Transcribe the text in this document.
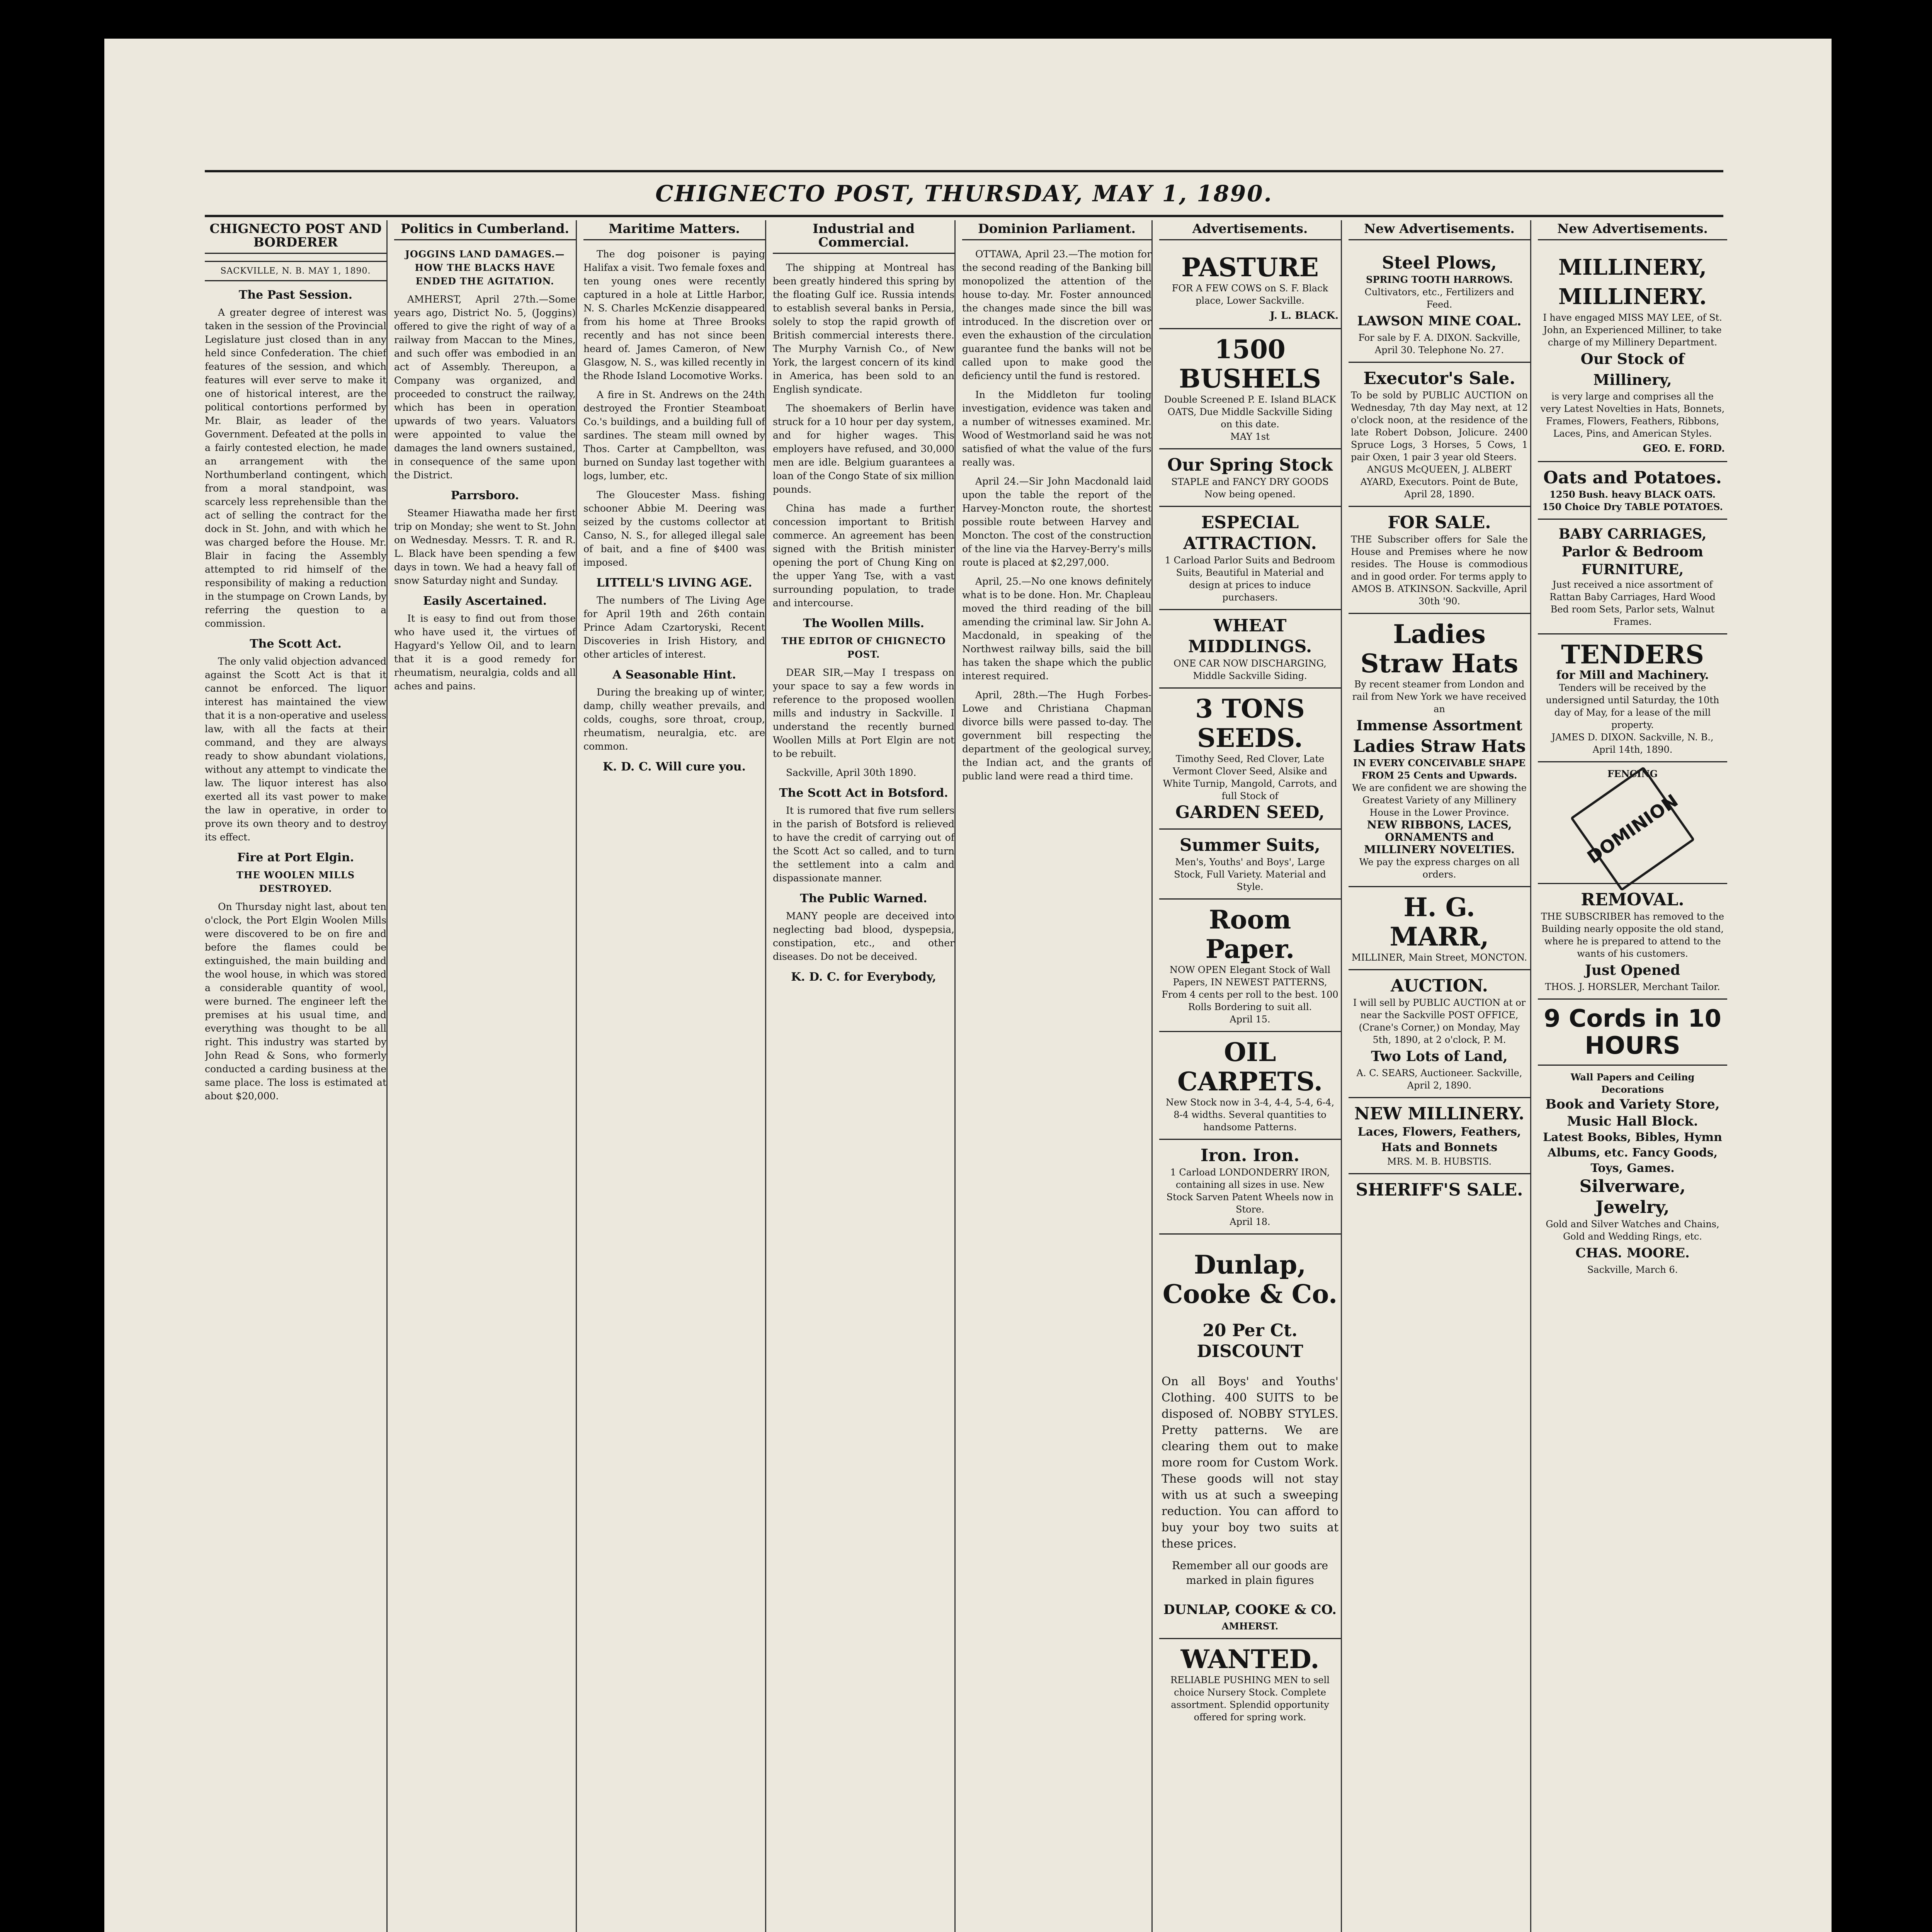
CHIGNECTO POST, THURSDAY, MAY 1, 1890.
CHIGNECTO POST AND BORDERER
SACKVILLE, N. B. MAY 1, 1890.
The Past Session.

A greater degree of interest was taken in the session of the Provincial Legislature just closed than in any held since Confederation. The chief features of the session, and which features will ever serve to make it one of historical interest, are the political contortions performed by Mr. Blair, as leader of the Government. Defeated at the polls in a fairly contested election, he made an arrangement with the Northumberland contingent, which from a moral standpoint, was scarcely less reprehensible than the act of selling the contract for the dock in St. John, and with which he was charged before the House. Mr. Blair in facing the Assembly attempted to rid himself of the responsibility of making a reduction in the stumpage on Crown Lands, by referring the question to a commission.

The Scott Act.

The only valid objection advanced against the Scott Act is that it cannot be enforced. The liquor interest has maintained the view that it is a non-operative and useless law, with all the facts at their command, and they are always ready to show abundant violations, without any attempt to vindicate the law. The liquor interest has also exerted all its vast power to make the law in operative, in order to prove its own theory and to destroy its effect.

Fire at Port Elgin.
THE WOOLEN MILLS DESTROYED.

On Thursday night last, about ten o'clock, the Port Elgin Woolen Mills were discovered to be on fire and before the flames could be extinguished, the main building and the wool house, in which was stored a considerable quantity of wool, were burned. The engineer left the premises at his usual time, and everything was thought to be all right. This industry was started by John Read & Sons, who formerly conducted a carding business at the same place. The loss is estimated at about $20,000.

Politics in Cumberland.
JOGGINS LAND DAMAGES.—HOW THE BLACKS HAVE ENDED THE AGITATION.

AMHERST, April 27th.—Some years ago, District No. 5, (Joggins) offered to give the right of way of a railway from Maccan to the Mines, and such offer was embodied in an act of Assembly. Thereupon, a Company was organized, and proceeded to construct the railway, which has been in operation upwards of two years. Valuators were appointed to value the damages the land owners sustained, in consequence of the same upon the District.

Parrsboro.

Steamer Hiawatha made her first trip on Monday; she went to St. John on Wednesday. Messrs. T. R. and R. L. Black have been spending a few days in town. We had a heavy fall of snow Saturday night and Sunday.

Easily Ascertained.

It is easy to find out from those who have used it, the virtues of Hagyard's Yellow Oil, and to learn that it is a good remedy for rheumatism, neuralgia, colds and all aches and pains.

Maritime Matters.

The dog poisoner is paying Halifax a visit. Two female foxes and ten young ones were recently captured in a hole at Little Harbor, N. S. Charles McKenzie disappeared from his home at Three Brooks recently and has not since been heard of. James Cameron, of New Glasgow, N. S., was killed recently in the Rhode Island Locomotive Works.

A fire in St. Andrews on the 24th destroyed the Frontier Steamboat Co.'s buildings, and a building full of sardines. The steam mill owned by Thos. Carter at Campbellton, was burned on Sunday last together with logs, lumber, etc.

The Gloucester Mass. fishing schooner Abbie M. Deering was seized by the customs collector at Canso, N. S., for alleged illegal sale of bait, and a fine of $400 was imposed.

LITTELL'S LIVING AGE.

The numbers of The Living Age for April 19th and 26th contain Prince Adam Czartoryski, Recent Discoveries in Irish History, and other articles of interest.

A Seasonable Hint.

During the breaking up of winter, damp, chilly weather prevails, and colds, coughs, sore throat, croup, rheumatism, neuralgia, etc. are common.

K. D. C. Will cure you.
Industrial and Commercial.

The shipping at Montreal has been greatly hindered this spring by the floating Gulf ice. Russia intends to establish several banks in Persia, solely to stop the rapid growth of British commercial interests there. The Murphy Varnish Co., of New York, the largest concern of its kind in America, has been sold to an English syndicate.

The shoemakers of Berlin have struck for a 10 hour per day system, and for higher wages. This employers have refused, and 30,000 men are idle. Belgium guarantees a loan of the Congo State of six million pounds.

China has made a further concession important to British commerce. An agreement has been signed with the British minister opening the port of Chung King on the upper Yang Tse, with a vast surrounding population, to trade and intercourse.

The Woollen Mills.
THE EDITOR OF CHIGNECTO POST.

DEAR SIR,—May I trespass on your space to say a few words in reference to the proposed woollen mills and industry in Sackville. I understand the recently burned Woollen Mills at Port Elgin are not to be rebuilt.

Sackville, April 30th 1890.

The Scott Act in Botsford.

It is rumored that five rum sellers in the parish of Botsford is relieved to have the credit of carrying out of the Scott Act so called, and to turn the settlement into a calm and dispassionate manner.

The Public Warned.

MANY people are deceived into neglecting bad blood, dyspepsia, constipation, etc., and other diseases. Do not be deceived.

K. D. C. for Everybody,
Dominion Parliament.

OTTAWA, April 23.—The motion for the second reading of the Banking bill monopolized the attention of the house to-day. Mr. Foster announced the changes made since the bill was introduced. In the discretion over or even the exhaustion of the circulation guarantee fund the banks will not be called upon to make good the deficiency until the fund is restored.

In the Middleton fur tooling investigation, evidence was taken and a number of witnesses examined. Mr. Wood of Westmorland said he was not satisfied of what the value of the furs really was.

April 24.—Sir John Macdonald laid upon the table the report of the Harvey-Moncton route, the shortest possible route between Harvey and Moncton. The cost of the construction of the line via the Harvey-Berry's mills route is placed at $2,297,000.

April, 25.—No one knows definitely what is to be done. Hon. Mr. Chapleau moved the third reading of the bill amending the criminal law. Sir John A. Macdonald, in speaking of the Northwest railway bills, said the bill has taken the shape which the public interest required.

April, 28th.—The Hugh Forbes-Lowe and Christiana Chapman divorce bills were passed to-day. The government bill respecting the department of the geological survey, the Indian act, and the grants of public land were read a third time.

Advertisements.
PASTURE
FOR A FEW COWS on S. F. Black place, Lower Sackville.
J. L. BLACK.
1500 BUSHELS
Double Screened P. E. Island BLACK OATS, Due Middle Sackville Siding on this date.
MAY 1st
Our Spring Stock
STAPLE and FANCY DRY GOODS Now being opened.
ESPECIAL ATTRACTION.
1 Carload Parlor Suits and Bedroom Suits, Beautiful in Material and design at prices to induce purchasers.
WHEAT MIDDLINGS.
ONE CAR NOW DISCHARGING, Middle Sackville Siding.
3 TONS SEEDS.
Timothy Seed, Red Clover, Late Vermont Clover Seed, Alsike and White Turnip, Mangold, Carrots, and full Stock of
GARDEN SEED,
Summer Suits,
Men's, Youths' and Boys', Large Stock, Full Variety. Material and Style.
Room Paper.
NOW OPEN Elegant Stock of Wall Papers, IN NEWEST PATTERNS, From 4 cents per roll to the best. 100 Rolls Bordering to suit all.
April 15.
OIL CARPETS.
New Stock now in 3-4, 4-4, 5-4, 6-4, 8-4 widths. Several quantities to handsome Patterns.
Iron. Iron.
1 Carload LONDONDERRY IRON, containing all sizes in use. New Stock Sarven Patent Wheels now in Store.
April 18.
Dunlap, Cooke & Co.
20 Per Ct. DISCOUNT
On all Boys' and Youths' Clothing. 400 SUITS to be disposed of. NOBBY STYLES. Pretty patterns. We are clearing them out to make more room for Custom Work. These goods will not stay with us at such a sweeping reduction. You can afford to buy your boy two suits at these prices.
Remember all our goods are marked in plain figures
DUNLAP, COOKE & CO.
AMHERST.
WANTED.
RELIABLE PUSHING MEN to sell choice Nursery Stock. Complete assortment. Splendid opportunity offered for spring work.
New Advertisements.
Steel Plows,
SPRING TOOTH HARROWS.
Cultivators, etc., Fertilizers and Feed.
LAWSON MINE COAL.
For sale by F. A. DIXON. Sackville, April 30. Telephone No. 27.
Executor's Sale.
To be sold by PUBLIC AUCTION on Wednesday, 7th day May next, at 12 o'clock noon, at the residence of the late Robert Dobson, Jolicure. 2400 Spruce Logs, 3 Horses, 5 Cows, 1 pair Oxen, 1 pair 3 year old Steers.
ANGUS McQUEEN, J. ALBERT AYARD, Executors. Point de Bute, April 28, 1890.
FOR SALE.
THE Subscriber offers for Sale the House and Premises where he now resides. The House is commodious and in good order. For terms apply to
AMOS B. ATKINSON. Sackville, April 30th '90.
Ladies Straw Hats
By recent steamer from London and rail from New York we have received an
Immense Assortment
Ladies Straw Hats
IN EVERY CONCEIVABLE SHAPE FROM 25 Cents and Upwards.
We are confident we are showing the Greatest Variety of any Millinery House in the Lower Province.
NEW RIBBONS, LACES, ORNAMENTS and MILLINERY NOVELTIES.
We pay the express charges on all orders.
H. G. MARR,
MILLINER, Main Street, MONCTON.
AUCTION.
I will sell by PUBLIC AUCTION at or near the Sackville POST OFFICE, (Crane's Corner,) on Monday, May 5th, 1890, at 2 o'clock, P. M.
Two Lots of Land,
A. C. SEARS, Auctioneer. Sackville, April 2, 1890.
NEW MILLINERY.
Laces, Flowers, Feathers, Hats and Bonnets
MRS. M. B. HUBSTIS.
SHERIFF'S SALE.
New Advertisements.
MILLINERY, MILLINERY.
I have engaged MISS MAY LEE, of St. John, an Experienced Milliner, to take charge of my Millinery Department.
Our Stock of Millinery,
is very large and comprises all the very Latest Novelties in Hats, Bonnets, Frames, Flowers, Feathers, Ribbons, Laces, Pins, and American Styles.
GEO. E. FORD.
Oats and Potatoes.
1250 Bush. heavy BLACK OATS. 150 Choice Dry TABLE POTATOES.
BABY CARRIAGES, Parlor & Bedroom FURNITURE,
Just received a nice assortment of Rattan Baby Carriages, Hard Wood Bed room Sets, Parlor sets, Walnut Frames.
TENDERS
for Mill and Machinery.
Tenders will be received by the undersigned until Saturday, the 10th day of May, for a lease of the mill property.
JAMES D. DIXON. Sackville, N. B., April 14th, 1890.
FENCING
DOMINION
REMOVAL.
THE SUBSCRIBER has removed to the Building nearly opposite the old stand, where he is prepared to attend to the wants of his customers.
Just Opened
THOS. J. HORSLER, Merchant Tailor.
9 Cords in 10 HOURS
Wall Papers and Ceiling Decorations
Book and Variety Store, Music Hall Block.
Latest Books, Bibles, Hymn Albums, etc. Fancy Goods, Toys, Games.
Silverware, Jewelry,
Gold and Silver Watches and Chains, Gold and Wedding Rings, etc.
CHAS. MOORE.
Sackville, March 6.
